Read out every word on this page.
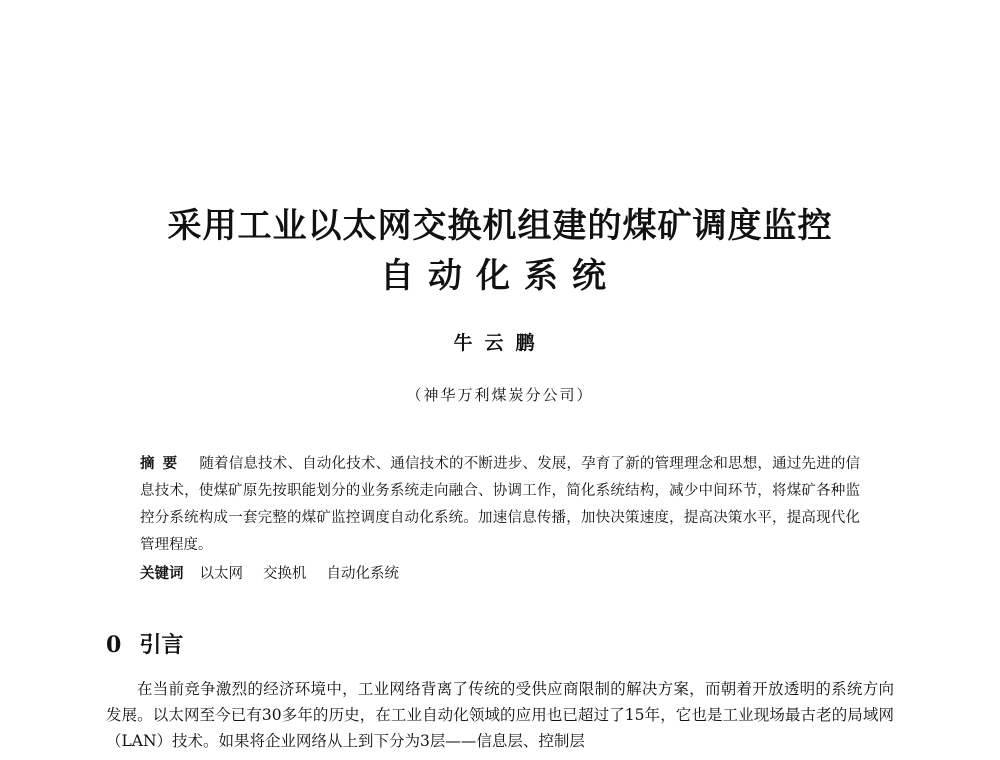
采用工业以太网交换机组建的煤矿调度监控
自动化系统
牛云鹏
（神华万利煤炭分公司）

摘要 随着信息技术、自动化技术、通信技术的不断进步、发展，孕育了新的管理理念和思想，通过先进的信息技术，使煤矿原先按职能划分的业务系统走向融合、协调工作，简化系统结构，减少中间环节，将煤矿各种监控分系统构成一套完整的煤矿监控调度自动化系统。加速信息传播，加快决策速度，提高决策水平，提高现代化管理程度。

关键词 以太网 交换机 自动化系统

0 引言

在当前竞争激烈的经济环境中，工业网络背离了传统的受供应商限制的解决方案，而朝着开放透明的系统方向发展。以太网至今已有30多年的历史，在工业自动化领域的应用也已超过了15年，它也是工业现场最古老的局域网（LAN）技术。如果将企业网络从上到下分为3层——信息层、控制层
